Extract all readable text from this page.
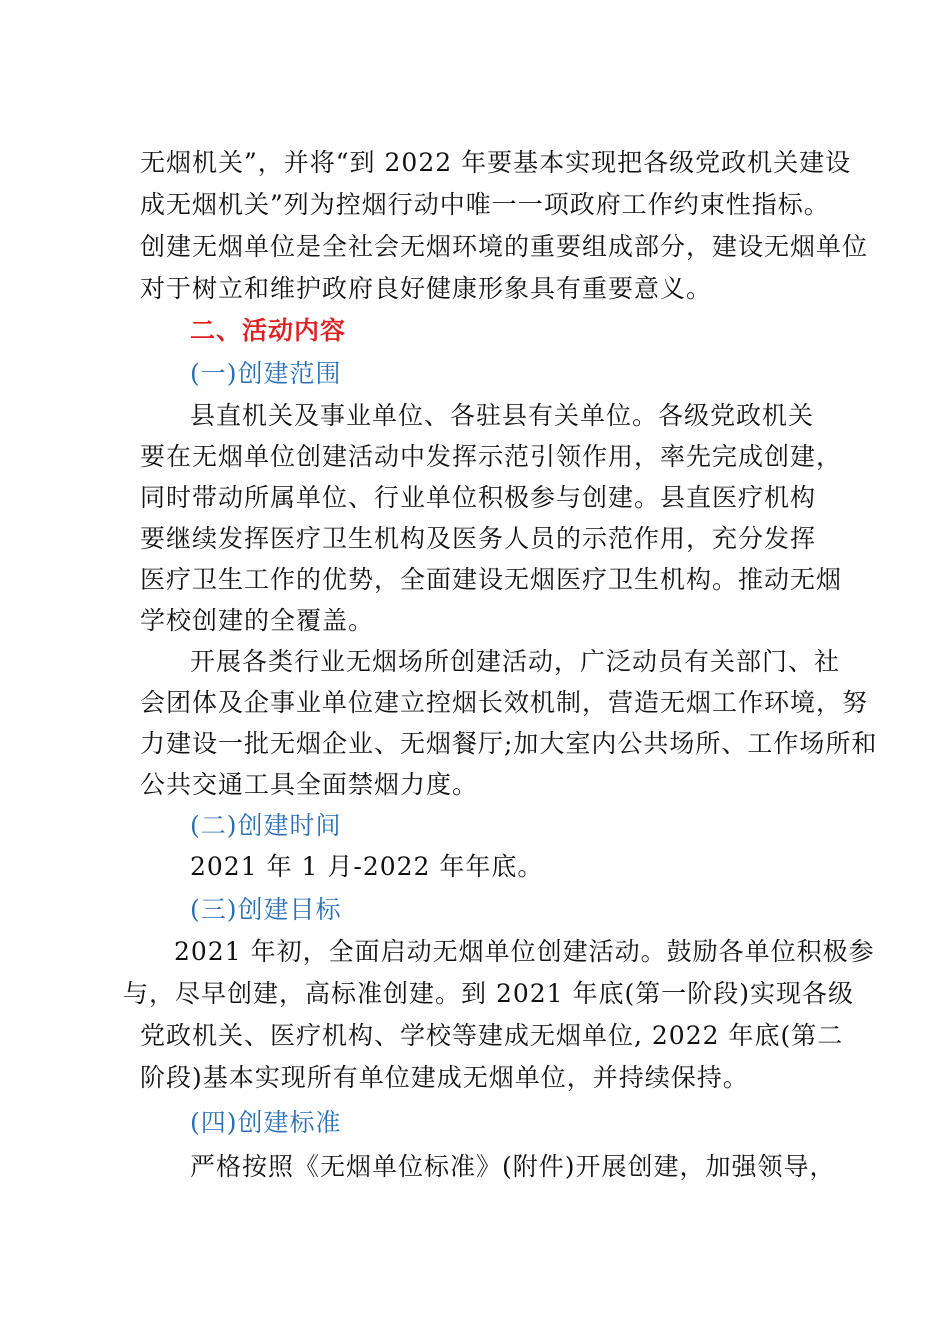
无烟机关”，并将“到 2022 年要基本实现把各级党政机关建设
成无烟机关”列为控烟行动中唯一一项政府工作约束性指标。
创建无烟单位是全社会无烟环境的重要组成部分，建设无烟单位
对于树立和维护政府良好健康形象具有重要意义。
二、活动内容
(一)创建范围
县直机关及事业单位、各驻县有关单位。各级党政机关
要在无烟单位创建活动中发挥示范引领作用，率先完成创建，
同时带动所属单位、行业单位积极参与创建。县直医疗机构
要继续发挥医疗卫生机构及医务人员的示范作用，充分发挥
医疗卫生工作的优势，全面建设无烟医疗卫生机构。推动无烟
学校创建的全覆盖。
开展各类行业无烟场所创建活动，广泛动员有关部门、社
会团体及企事业单位建立控烟长效机制，营造无烟工作环境，努
力建设一批无烟企业、无烟餐厅;加大室内公共场所、工作场所和
公共交通工具全面禁烟力度。
(二)创建时间
2021 年 1 月-2022 年年底。
(三)创建目标
2021 年初，全面启动无烟单位创建活动。鼓励各单位积极参
与，尽早创建，高标准创建。到 2021 年底(第一阶段)实现各级
党政机关、医疗机构、学校等建成无烟单位, 2022 年底(第二
阶段)基本实现所有单位建成无烟单位，并持续保持。
(四)创建标准
严格按照《无烟单位标准》(附件)开展创建，加强领导，
